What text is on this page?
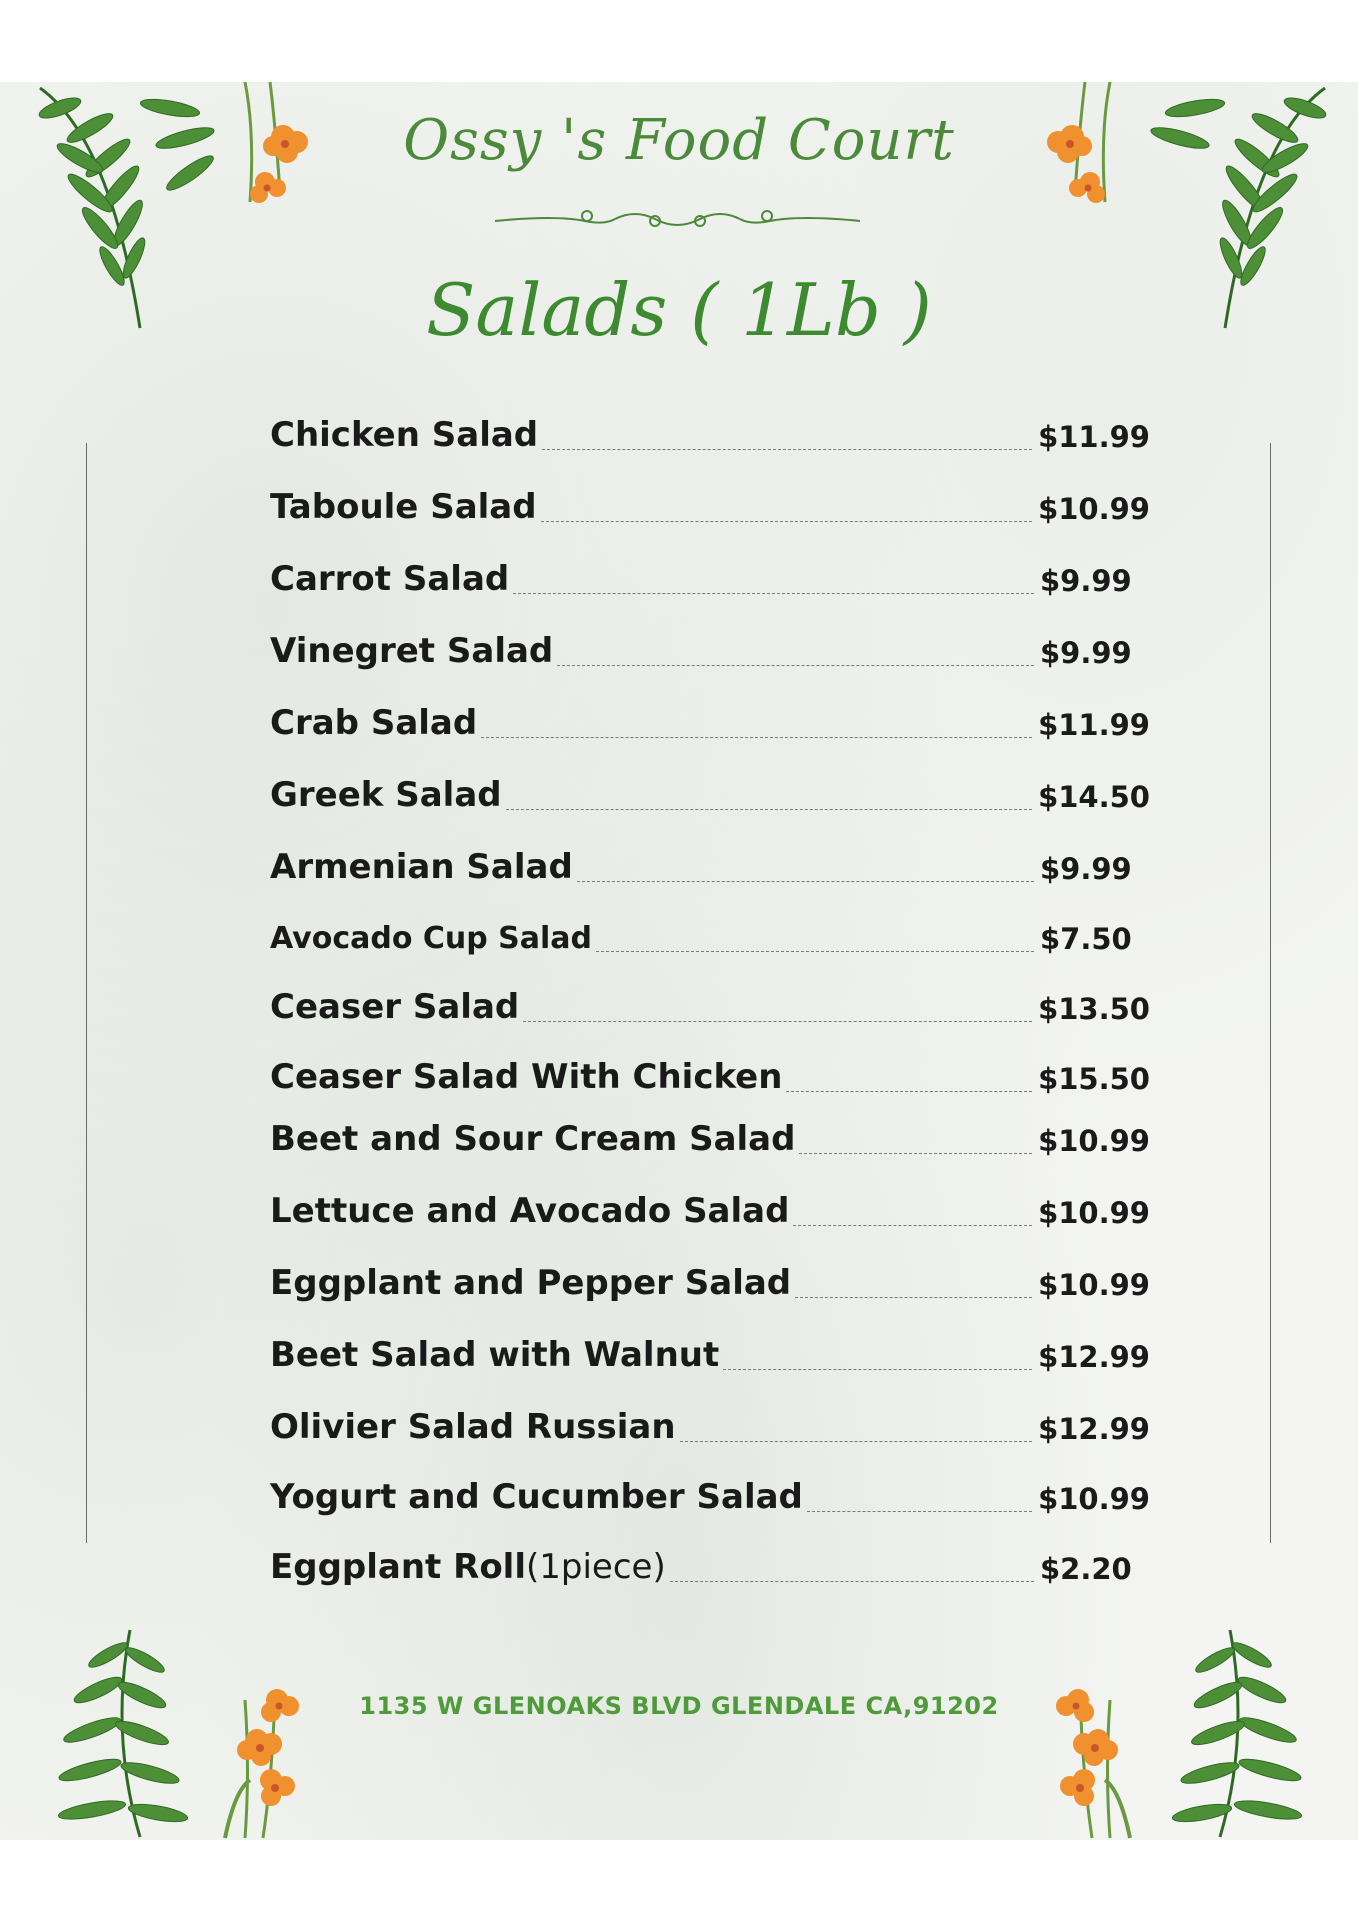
Ossy 's Food Court
Salads ( 1Lb )
Chicken Salad	$11.99
Taboule Salad	$10.99
Carrot Salad	$9.99
Vinegret Salad	$9.99
Crab Salad	$11.99
Greek Salad	$14.50
Armenian Salad	$9.99
Avocado Cup Salad	$7.50
Ceaser Salad	$13.50
Ceaser Salad With Chicken	$15.50
Beet and Sour Cream Salad	$10.99
Lettuce and Avocado Salad	$10.99
Eggplant and Pepper Salad	$10.99
Beet Salad with Walnut	$12.99
Olivier Salad Russian	$12.99
Yogurt and Cucumber Salad	$10.99
Eggplant Roll(1piece)	$2.20
1135 W GLENOAKS BLVD GLENDALE CA,91202
